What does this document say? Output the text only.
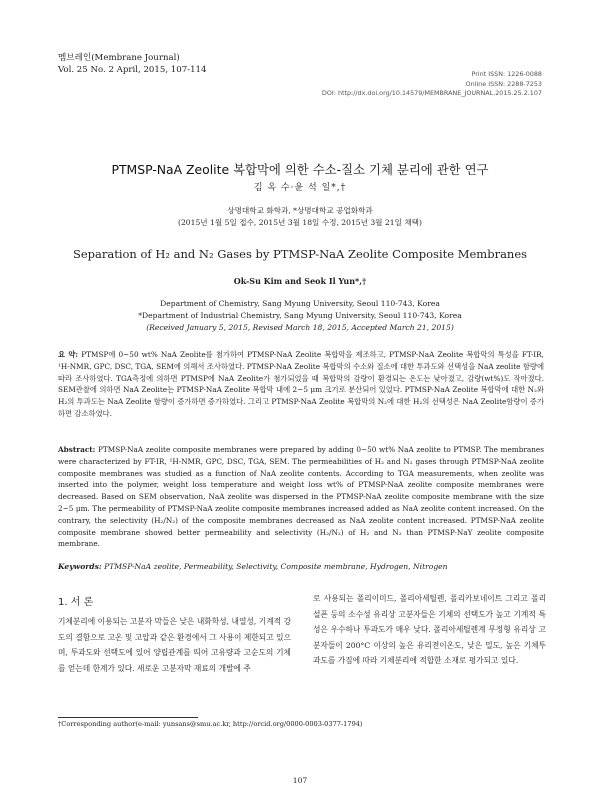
멤브레인(Membrane Journal)
Vol. 25 No. 2 April, 2015, 107-114	Print ISSN: 1226-0088
Online ISSN: 2288-7253
DOI: http://dx.doi.org/10.14579/MEMBRANE_JOURNAL.2015.25.2.107
PTMSP-NaA Zeolite 복합막에 의한 수소-질소 기체 분리에 관한 연구
김 옥 수·윤 석 일*,†
상명대학교 화학과, *상명대학교 공업화학과
(2015년 1월 5일 접수, 2015년 3월 18일 수정, 2015년 3월 21일 채택)
Separation of H₂ and N₂ Gases by PTMSP-NaA Zeolite Composite Membranes
Ok-Su Kim and Seok Il Yun*,†
Department of Chemistry, Sang Myung University, Seoul 110-743, Korea
*Department of Industrial Chemistry, Sang Myung University, Seoul 110-743, Korea
(Received January 5, 2015, Revised March 18, 2015, Accepted March 21, 2015)
요 약: PTMSP에 0~50 wt% NaA Zeolite를 첨가하여 PTMSP-NaA Zeolite 복합막을 제조하고, PTMSP-NaA Zeolite 복합막의 특성을 FT-IR, ¹H-NMR, GPC, DSC, TGA, SEM에 의해서 조사하였다. PTMSP-NaA Zeolite 복합막의 수소와 질소에 대한 투과도와 선택성을 NaA zeolite 함량에 따라 조사하였다. TGA측정에 의하면 PTMSP에 NaA Zeolite가 첨가되었을 때 복합막의 감량이 환경되는 온도는 낮아졌고, 감량(wt%)도 작아졌다. SEM관찰에 의하면 NaA Zeolite는 PTMSP-NaA Zeolite 복합막 내에 2~5 μm 크기로 분산되어 있었다. PTMSP-NaA Zeolite 복합막에 대한 N₂와 H₂의 투과도는 NaA Zeolite 함량이 증가하면 증가하였다. 그리고 PTMSP-NaA Zeolite 복합막의 N₂에 대한 H₂의 선택성은 NaA Zeolite함량이 증가하면 감소하였다.
Abstract: PTMSP-NaA zeolite composite membranes were prepared by adding 0~50 wt% NaA zeolite to PTMSP. The membranes were characterized by FT-IR, ¹H-NMR, GPC, DSC, TGA, SEM. The permeabilities of H₂ and N₂ gases through PTMSP-NaA zeolite composite membranes was studied as a function of NaA zeolite contents. According to TGA measurements, when zeolite was inserted into the polymer, weight loss temperature and weight loss wt% of PTMSP-NaA zeolite composite membranes were decreased. Based on SEM observation, NaA zeolite was dispersed in the PTMSP-NaA zeolite composite membrane with the size 2~5 μm. The permeability of PTMSP-NaA zeolite composite membranes increased added as NaA zeolite content increased. On the contrary, the selectivity (H₂/N₂) of the composite membranes decreased as NaA zeolite content increased. PTMSP-NaA zeolite composite membrane showed better permeability and selectivity (H₂/N₂) of H₂ and N₂ than PTMSP-NaY zeolite composite membrane.
Keywords: PTMSP-NaA zeolite, Permeability, Selectivity, Composite membrane, Hydrogen, Nitrogen
1. 서 론
기체분리에 이용되는 고분자 막들은 낮은 내화학성, 내열성, 기계적 강도의 결함으로 고온 및 고압과 같은 환경에서 그 사용이 제한되고 있으며, 투과도와 선택도에 있어 양립관계를 띄어 고유량과 고순도의 기체를 얻는데 한계가 있다. 새로운 고분자막 재료의 개발에 주
로 사용되는 폴리이미드, 폴리아세틸렌, 폴리카보네이트 그리고 폴리설폰 등의 소수성 유리상 고분자들은 기체의 선택도가 높고 기계적 특성은 우수하나 투과도가 매우 낮다. 폴리아세틸렌계 무정형 유리상 고분자들이 200°C 이상의 높은 유리전이온도, 낮은 밀도, 높은 기체투과도를 가짐에 따라 기체분리에 적합한 소재로 평가되고 있다.
†Corresponding author(e-mail: yunsans@smu.ac.kr, http://orcid.org/0000-0003-0377-1794)
107
